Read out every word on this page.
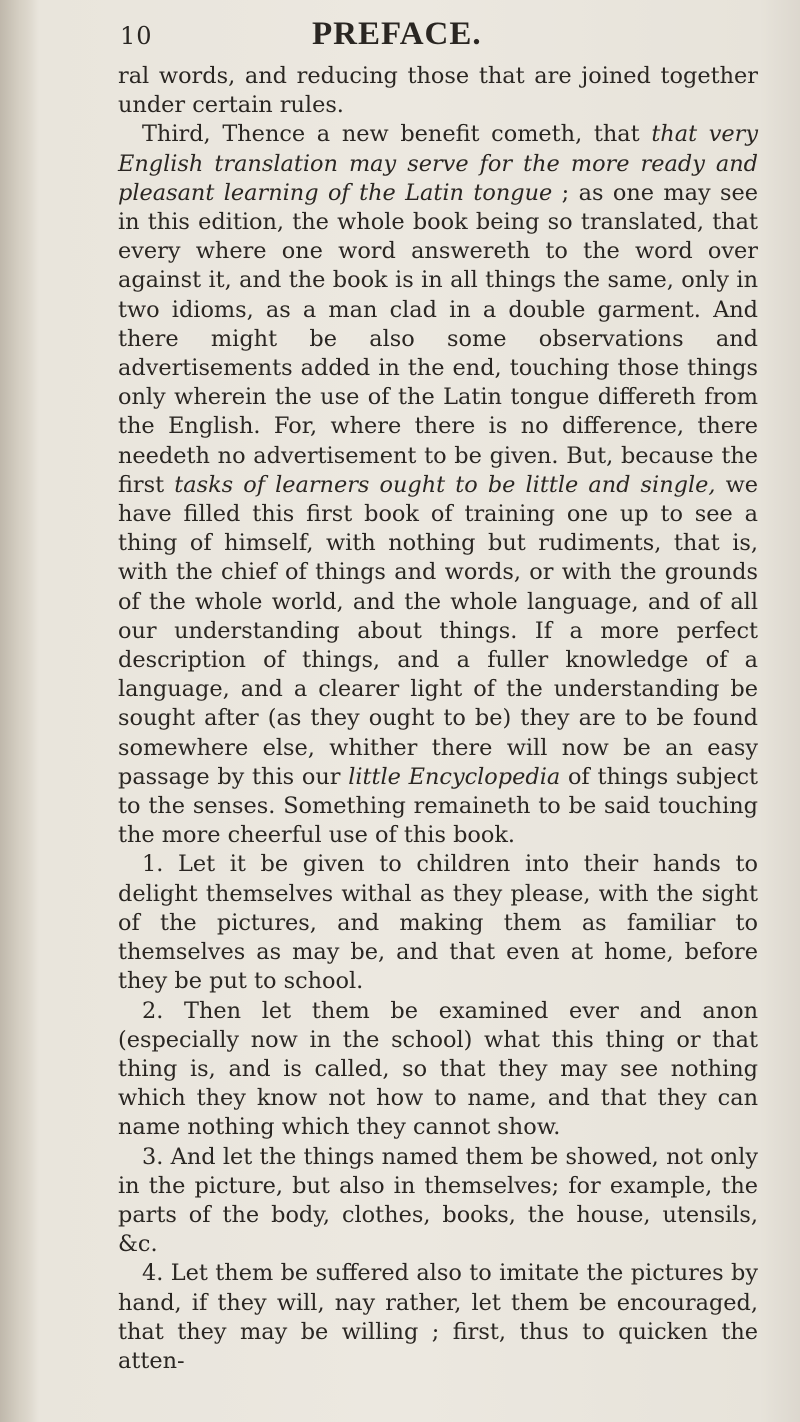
10	PREFACE.

ral words, and reducing those that are joined together under certain rules.

Third, Thence a new benefit cometh, that that very English translation may serve for the more ready and pleasant learning of the Latin tongue ; as one may see in this edition, the whole book being so translated, that every where one word answereth to the word over against it, and the book is in all things the same, only in two idioms, as a man clad in a double garment. And there might be also some observations and advertisements added in the end, touching those things only wherein the use of the Latin tongue differeth from the English. For, where there is no difference, there needeth no advertisement to be given. But, because the first tasks of learners ought to be little and single, we have filled this first book of training one up to see a thing of himself, with nothing but rudiments, that is, with the chief of things and words, or with the grounds of the whole world, and the whole language, and of all our understanding about things. If a more perfect description of things, and a fuller knowledge of a language, and a clearer light of the understanding be sought after (as they ought to be) they are to be found somewhere else, whither there will now be an easy passage by this our little Encyclopedia of things subject to the senses. Something remaineth to be said touching the more cheerful use of this book.

1. Let it be given to children into their hands to delight themselves withal as they please, with the sight of the pictures, and making them as familiar to themselves as may be, and that even at home, before they be put to school.

2. Then let them be examined ever and anon (especially now in the school) what this thing or that thing is, and is called, so that they may see nothing which they know not how to name, and that they can name nothing which they cannot show.

3. And let the things named them be showed, not only in the picture, but also in themselves; for example, the parts of the body, clothes, books, the house, utensils, &c.

4. Let them be suffered also to imitate the pictures by hand, if they will, nay rather, let them be encouraged, that they may be willing ; first, thus to quicken the atten-
